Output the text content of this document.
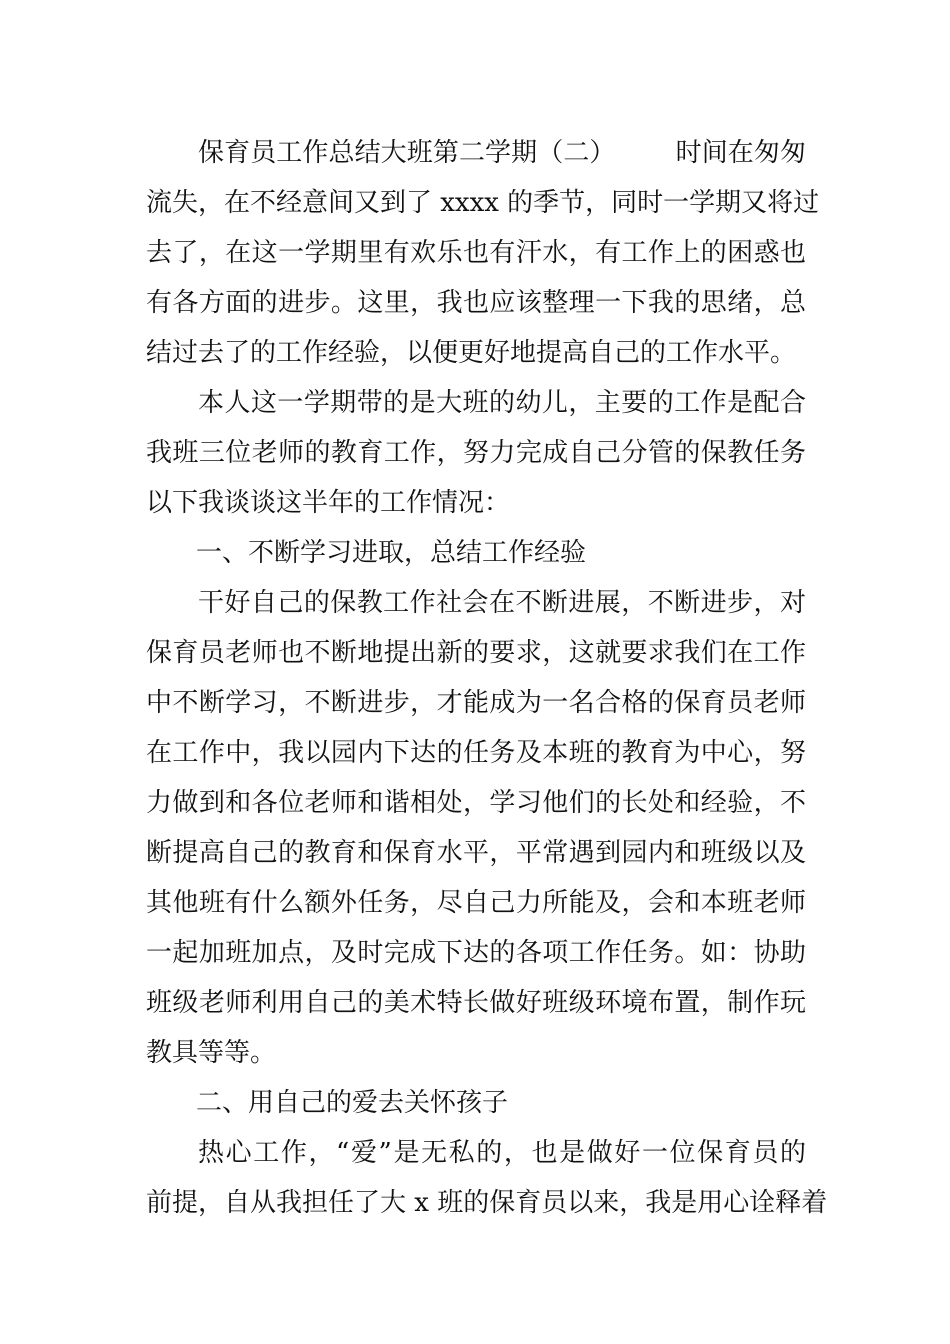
保育员工作总结大班第二学期（二） 时间在匆匆
流失，在不经意间又到了 xxxx 的季节，同时一学期又将过
去了，在这一学期里有欢乐也有汗水，有工作上的困惑也
有各方面的进步。这里，我也应该整理一下我的思绪，总
结过去了的工作经验，以便更好地提高自己的工作水平。
本人这一学期带的是大班的幼儿，主要的工作是配合
我班三位老师的教育工作，努力完成自己分管的保教任务
以下我谈谈这半年的工作情况：
一、不断学习进取，总结工作经验
干好自己的保教工作社会在不断进展，不断进步，对
保育员老师也不断地提出新的要求，这就要求我们在工作
中不断学习，不断进步，才能成为一名合格的保育员老师
在工作中，我以园内下达的任务及本班的教育为中心，努
力做到和各位老师和谐相处，学习他们的长处和经验，不
断提高自己的教育和保育水平，平常遇到园内和班级以及
其他班有什么额外任务，尽自己力所能及，会和本班老师
一起加班加点，及时完成下达的各项工作任务。如：协助
班级老师利用自己的美术特长做好班级环境布置，制作玩
教具等等。
二、用自己的爱去关怀孩子
热心工作，“爱”是无私的，也是做好一位保育员的
前提，自从我担任了大 x 班的保育员以来，我是用心诠释着
